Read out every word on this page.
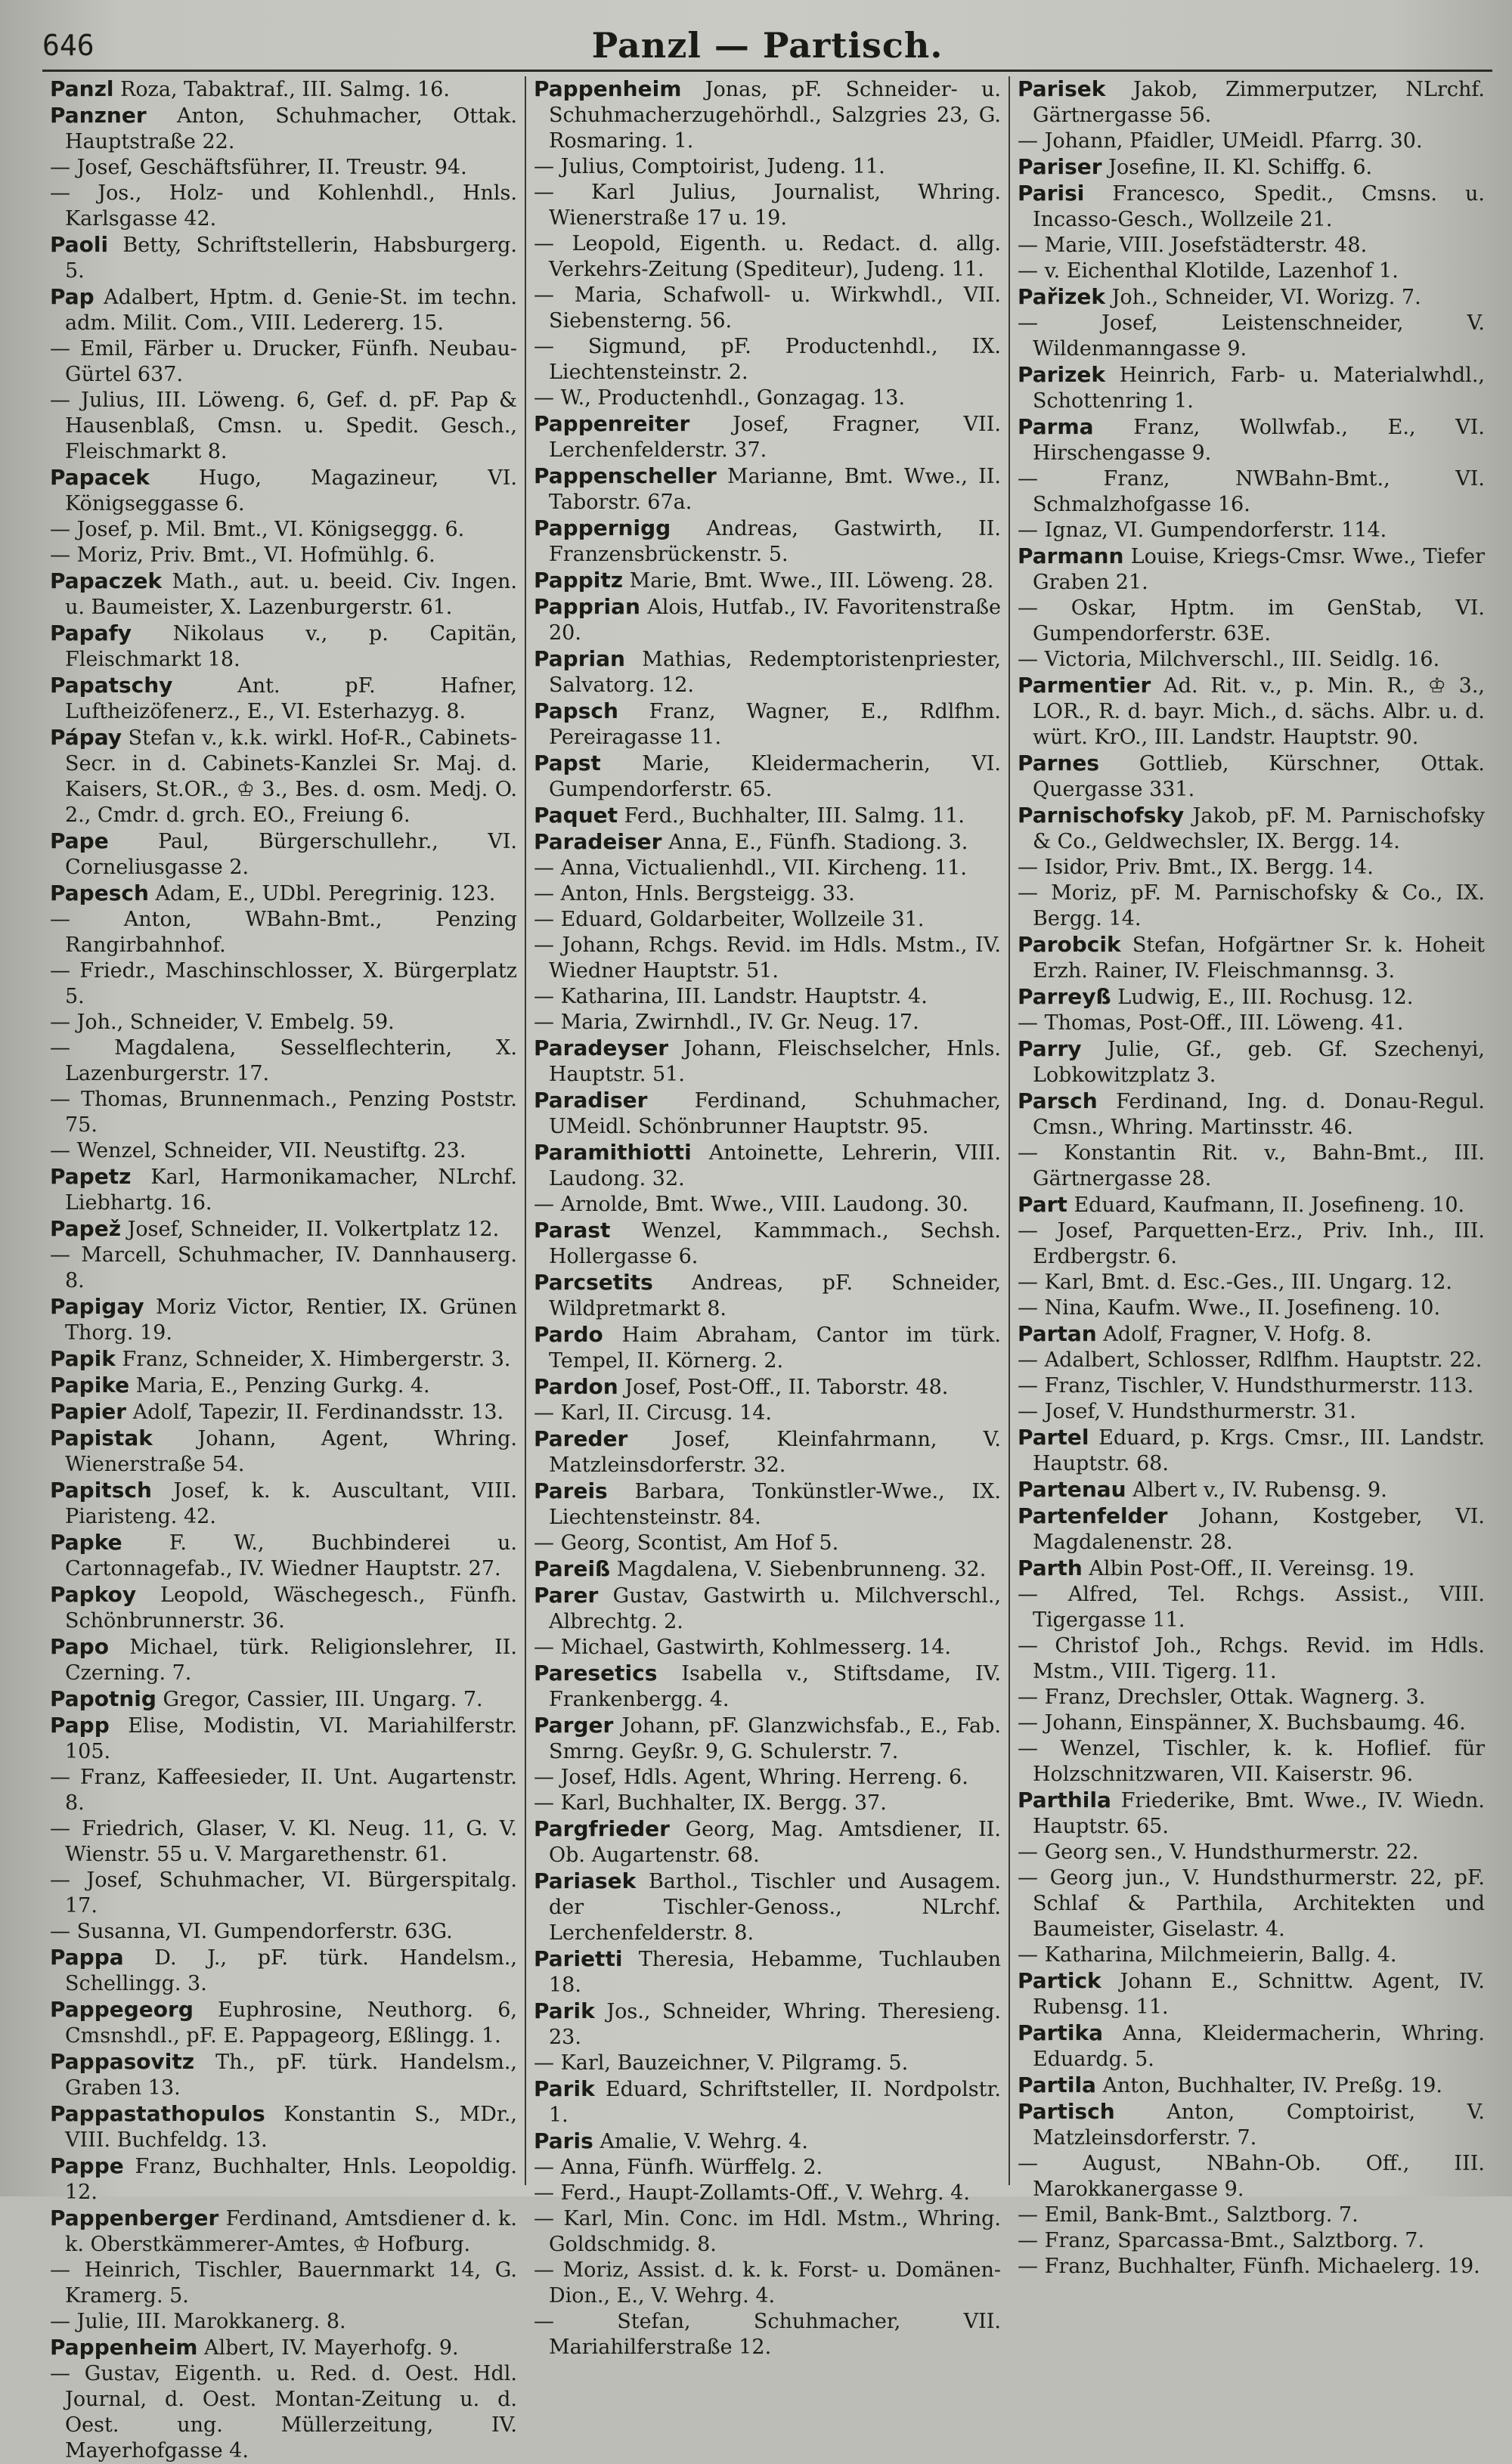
646	Panzl — Partisch.

Panzl Roza, Tabaktraf., III. Salmg. 16.

Panzner Anton, Schuhmacher, Ottak. Hauptstraße 22.

— Josef, Geschäftsführer, II. Treustr. 94.

— Jos., Holz- und Kohlenhdl., Hnls. Karlsgasse 42.

Paoli Betty, Schriftstellerin, Habsburgerg. 5.

Pap Adalbert, Hptm. d. Genie-St. im techn. adm. Milit. Com., VIII. Ledererg. 15.

— Emil, Färber u. Drucker, Fünfh. Neubau-Gürtel 637.

— Julius, III. Löweng. 6, Gef. d. pF. Pap & Hausenblaß, Cmsn. u. Spedit. Gesch., Fleischmarkt 8.

Papacek Hugo, Magazineur, VI. Königseggasse 6.

— Josef, p. Mil. Bmt., VI. Königseggg. 6.

— Moriz, Priv. Bmt., VI. Hofmühlg. 6.

Papaczek Math., aut. u. beeid. Civ. Ingen. u. Baumeister, X. Lazenburgerstr. 61.

Papafy Nikolaus v., p. Capitän, Fleischmarkt 18.

Papatschy	Ant. pF. Hafner, Luftheizöfenerz., E., VI. Esterhazyg. 8.

Pápay Stefan v., k.k. wirkl. Hof-R., Cabinets-Secr. in d. Cabinets-Kanzlei Sr. Maj. d. Kaisers, St.OR., ♔ 3., Bes. d. osm. Medj. O. 2., Cmdr. d. grch. EO., Freiung 6.

Pape Paul, Bürgerschullehr., VI. Corneliusgasse 2.

Papesch Adam, E., UDbl. Peregrinig. 123.

— Anton, WBahn-Bmt., Penzing Rangirbahnhof.

— Friedr., Maschinschlosser, X. Bürgerplatz 5.

— Joh., Schneider, V. Embelg. 59.

— Magdalena, Sesselflechterin, X. Lazenburgerstr. 17.

— Thomas, Brunnenmach., Penzing Poststr. 75.

— Wenzel, Schneider, VII. Neustiftg. 23.

Papetz Karl, Harmonikamacher, NLrchf. Liebhartg. 16.

Papež Josef, Schneider, II. Volkertplatz 12.

— Marcell, Schuhmacher, IV. Dannhauserg. 8.

Papigay Moriz Victor, Rentier, IX. Grünen Thorg. 19.

Papik Franz, Schneider, X. Himbergerstr. 3.

Papike Maria, E., Penzing Gurkg. 4.

Papier Adolf, Tapezir, II. Ferdinandsstr. 13.

Papistak Johann, Agent, Whring. Wienerstraße 54.

Papitsch Josef, k. k. Auscultant, VIII. Piaristeng. 42.

Papke F. W., Buchbinderei u. Cartonnagefab., IV. Wiedner Hauptstr. 27.

Papkoy Leopold, Wäschegesch., Fünfh. Schönbrunnerstr. 36.

Papo Michael, türk. Religionslehrer, II. Czerning. 7.

Papotnig Gregor, Cassier, III. Ungarg. 7.

Papp Elise, Modistin, VI. Mariahilferstr. 105.

— Franz, Kaffeesieder, II. Unt. Augartenstr. 8.

— Friedrich, Glaser, V. Kl. Neug. 11, G. V. Wienstr. 55 u. V. Margarethenstr. 61.

— Josef, Schuhmacher, VI. Bürgerspitalg. 17.

— Susanna, VI. Gumpendorferstr. 63G.

Pappa D. J., pF. türk. Handelsm., Schellingg. 3.

Pappegeorg Euphrosine, Neuthorg. 6, Cmsnshdl., pF. E. Pappageorg, Eßlingg. 1.

Pappasovitz Th., pF. türk. Handelsm., Graben 13.

Pappastathopulos Konstantin S., MDr., VIII. Buchfeldg. 13.

Pappe Franz, Buchhalter, Hnls. Leopoldig. 12.

Pappenberger Ferdinand, Amtsdiener d. k. k. Oberstkämmerer-Amtes, ♔ Hofburg.

— Heinrich, Tischler, Bauernmarkt 14, G. Kramerg. 5.

— Julie, III. Marokkanerg. 8.

Pappenheim Albert, IV. Mayerhofg. 9.

— Gustav, Eigenth. u. Red. d. Oest. Hdl. Journal, d. Oest. Montan-Zeitung u. d. Oest. ung. Müllerzeitung, IV. Mayerhofgasse 4.

Pappenheim Jonas, pF. Schneider- u. Schuhmacherzugehörhdl., Salzgries 23, G. Rosmaring. 1.

— Julius, Comptoirist, Judeng. 11.

— Karl Julius, Journalist, Whring. Wienerstraße 17 u. 19.

— Leopold, Eigenth. u. Redact. d. allg. Verkehrs-Zeitung (Spediteur), Judeng. 11.

— Maria, Schafwoll- u. Wirkwhdl., VII. Siebensterng. 56.

— Sigmund, pF. Productenhdl., IX. Liechtensteinstr. 2.

— W., Productenhdl., Gonzagag. 13.

Pappenreiter Josef, Fragner, VII. Lerchenfelderstr. 37.

Pappenscheller Marianne, Bmt. Wwe., II. Taborstr. 67a.

Pappernigg Andreas, Gastwirth, II. Franzensbrückenstr. 5.

Pappitz Marie, Bmt. Wwe., III. Löweng. 28.

Papprian Alois, Hutfab., IV. Favoritenstraße 20.

Paprian Mathias, Redemptoristenpriester, Salvatorg. 12.

Papsch Franz, Wagner, E., Rdlfhm. Pereiragasse 11.

Papst Marie, Kleidermacherin, VI. Gumpendorferstr. 65.

Paquet Ferd., Buchhalter, III. Salmg. 11.

Paradeiser Anna, E., Fünfh. Stadiong. 3.

— Anna, Victualienhdl., VII. Kircheng. 11.

— Anton, Hnls. Bergsteigg. 33.

— Eduard, Goldarbeiter, Wollzeile 31.

— Johann, Rchgs. Revid. im Hdls. Mstm., IV. Wiedner Hauptstr. 51.

— Katharina, III. Landstr. Hauptstr. 4.

— Maria, Zwirnhdl., IV. Gr. Neug. 17.

Paradeyser Johann, Fleischselcher, Hnls. Hauptstr. 51.

Paradiser Ferdinand, Schuhmacher, UMeidl. Schönbrunner Hauptstr. 95.

Paramithiotti Antoinette, Lehrerin, VIII. Laudong. 32.

— Arnolde, Bmt. Wwe., VIII. Laudong. 30.

Parast Wenzel, Kammmach., Sechsh. Hollergasse 6.

Parcsetits Andreas, pF. Schneider, Wildpretmarkt 8.

Pardo Haim Abraham, Cantor im türk. Tempel, II. Körnerg. 2.

Pardon Josef, Post-Off., II. Taborstr. 48.

— Karl, II. Circusg. 14.

Pareder Josef, Kleinfahrmann, V. Matzleinsdorferstr. 32.

Pareis Barbara, Tonkünstler-Wwe., IX. Liechtensteinstr. 84.

— Georg, Scontist, Am Hof 5.

Pareiß Magdalena, V. Siebenbrunneng. 32.

Parer Gustav, Gastwirth u. Milchverschl., Albrechtg. 2.

— Michael, Gastwirth, Kohlmesserg. 14.

Paresetics Isabella v., Stiftsdame, IV. Frankenbergg. 4.

Parger Johann, pF. Glanzwichsfab., E., Fab. Smrng. Geyßr. 9, G. Schulerstr. 7.

— Josef, Hdls. Agent, Whring. Herreng. 6.

— Karl, Buchhalter, IX. Bergg. 37.

Pargfrieder Georg, Mag. Amtsdiener, II. Ob. Augartenstr. 68.

Pariasek Barthol., Tischler und Ausagem. der Tischler-Genoss., NLrchf. Lerchenfelderstr. 8.

Parietti Theresia, Hebamme, Tuchlauben 18.

Parik Jos., Schneider, Whring. Theresieng. 23.

— Karl, Bauzeichner, V. Pilgramg. 5.

Parik Eduard, Schriftsteller, II. Nordpolstr. 1.

Paris Amalie, V. Wehrg. 4.

— Anna, Fünfh. Würffelg. 2.

— Ferd., Haupt-Zollamts-Off., V. Wehrg. 4.

— Karl, Min. Conc. im Hdl. Mstm., Whring. Goldschmidg. 8.

— Moriz, Assist. d. k. k. Forst- u. Domänen-Dion., E., V. Wehrg. 4.

— Stefan, Schuhmacher, VII. Mariahilferstraße 12.

Parisek Jakob, Zimmerputzer, NLrchf. Gärtnergasse 56.

— Johann, Pfaidler, UMeidl. Pfarrg. 30.

Pariser Josefine, II. Kl. Schiffg. 6.

Parisi Francesco, Spedit., Cmsns. u. Incasso-Gesch., Wollzeile 21.

— Marie, VIII. Josefstädterstr. 48.

— v. Eichenthal Klotilde, Lazenhof 1.

Pařizek Joh., Schneider, VI. Worizg. 7.

— Josef, Leistenschneider, V. Wildenmanngasse 9.

Parizek Heinrich, Farb- u. Materialwhdl., Schottenring 1.

Parma Franz, Wollwfab., E., VI. Hirschengasse 9.

— Franz, NWBahn-Bmt., VI. Schmalzhofgasse 16.

— Ignaz, VI. Gumpendorferstr. 114.

Parmann Louise, Kriegs-Cmsr. Wwe., Tiefer Graben 21.

— Oskar, Hptm. im GenStab, VI. Gumpendorferstr. 63E.

— Victoria, Milchverschl., III. Seidlg. 16.

Parmentier Ad. Rit. v., p. Min. R., ♔ 3., LOR., R. d. bayr. Mich., d. sächs. Albr. u. d. würt. KrO., III. Landstr. Hauptstr. 90.

Parnes Gottlieb, Kürschner, Ottak. Quergasse 331.

Parnischofsky Jakob, pF. M. Parnischofsky & Co., Geldwechsler, IX. Bergg. 14.

— Isidor, Priv. Bmt., IX. Bergg. 14.

— Moriz, pF. M. Parnischofsky & Co., IX. Bergg. 14.

Parobcik Stefan, Hofgärtner Sr. k. Hoheit Erzh. Rainer, IV. Fleischmannsg. 3.

Parreyß Ludwig, E., III. Rochusg. 12.

— Thomas, Post-Off., III. Löweng. 41.

Parry Julie, Gf., geb. Gf. Szechenyi, Lobkowitzplatz 3.

Parsch Ferdinand, Ing. d. Donau-Regul. Cmsn., Whring. Martinsstr. 46.

— Konstantin Rit. v., Bahn-Bmt., III. Gärtnergasse 28.

Part Eduard, Kaufmann, II. Josefineng. 10.

— Josef, Parquetten-Erz., Priv. Inh., III. Erdbergstr. 6.

— Karl, Bmt. d. Esc.-Ges., III. Ungarg. 12.

— Nina, Kaufm. Wwe., II. Josefineng. 10.

Partan Adolf, Fragner, V. Hofg. 8.

— Adalbert, Schlosser, Rdlfhm. Hauptstr. 22.

— Franz, Tischler, V. Hundsthurmerstr. 113.

— Josef, V. Hundsthurmerstr. 31.

Partel Eduard, p. Krgs. Cmsr., III. Landstr. Hauptstr. 68.

Partenau Albert v., IV. Rubensg. 9.

Partenfelder Johann, Kostgeber, VI. Magdalenenstr. 28.

Parth Albin Post-Off., II. Vereinsg. 19.

— Alfred, Tel. Rchgs. Assist., VIII. Tigergasse 11.

— Christof Joh., Rchgs. Revid. im Hdls. Mstm., VIII. Tigerg. 11.

— Franz, Drechsler, Ottak. Wagnerg. 3.

— Johann, Einspänner, X. Buchsbaumg. 46.

— Wenzel, Tischler, k. k. Hoflief. für Holzschnitzwaren, VII. Kaiserstr. 96.

Parthila Friederike, Bmt. Wwe., IV. Wiedn. Hauptstr. 65.

— Georg sen., V. Hundsthurmerstr. 22.

— Georg jun., V. Hundsthurmerstr. 22, pF. Schlaf & Parthila, Architekten und Baumeister, Giselastr. 4.

— Katharina, Milchmeierin, Ballg. 4.

Partick Johann E., Schnittw. Agent, IV. Rubensg. 11.

Partika Anna, Kleidermacherin, Whring. Eduardg. 5.

Partila Anton, Buchhalter, IV. Preßg. 19.

Partisch	Anton, Comptoirist, V. Matzleinsdorferstr. 7.

— August, NBahn-Ob. Off., III. Marokkanergasse 9.

— Emil, Bank-Bmt., Salztborg. 7.

— Franz, Sparcassa-Bmt., Salztborg. 7.

— Franz, Buchhalter, Fünfh. Michaelerg. 19.
